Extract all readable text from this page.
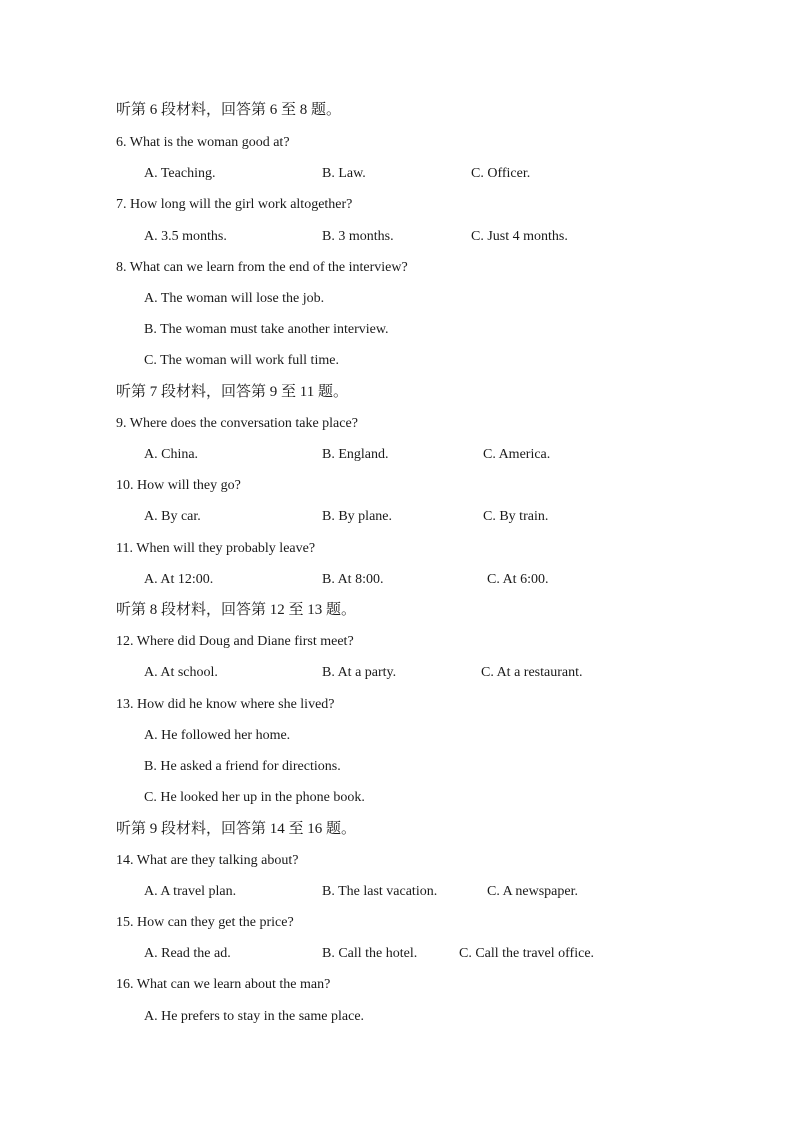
听第 6 段材料，回答第 6 至 8 题。
6. What is the woman good at?
A. Teaching.	B. Law.	C. Officer.
7. How long will the girl work altogether?
A. 3.5 months.	B. 3 months.	C. Just 4 months.
8. What can we learn from the end of the interview?
A. The woman will lose the job.
B. The woman must take another interview.
C. The woman will work full time.
听第 7 段材料，回答第 9 至 11 题。
9. Where does the conversation take place?
A. China.	B. England.	C. America.
10. How will they go?
A. By car.	B. By plane.	C. By train.
11. When will they probably leave?
A. At 12:00.	B. At 8:00.	C. At 6:00.
听第 8 段材料，回答第 12 至 13 题。
12. Where did Doug and Diane first meet?
A. At school.	B. At a party.	C. At a restaurant.
13. How did he know where she lived?
A. He followed her home.
B. He asked a friend for directions.
C. He looked her up in the phone book.
听第 9 段材料，回答第 14 至 16 题。
14. What are they talking about?
A. A travel plan.	B. The last vacation.	C. A newspaper.
15. How can they get the price?
A. Read the ad.	B. Call the hotel.	C. Call the travel office.
16. What can we learn about the man?
A. He prefers to stay in the same place.
